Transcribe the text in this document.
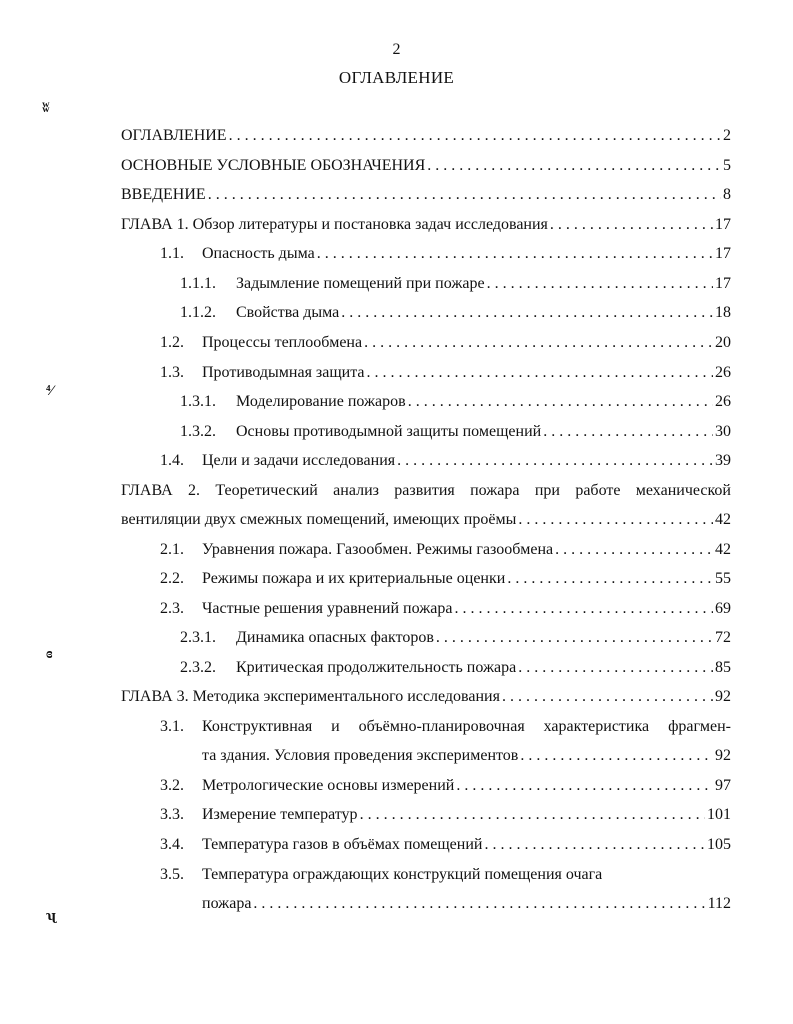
2
ОГЛАВЛЕНИЕ
ʬ
⁴⁄
ɞ
ʯ
ОГЛАВЛЕНИЕ . . .	2
ОСНОВНЫЕ УСЛОВНЫЕ ОБОЗНАЧЕНИЯ . . .	5
ВВЕДЕНИЕ . . .	8
ГЛАВА 1. Обзор литературы и постановка задач исследования . . .	17
1.1.	Опасность дыма . . .	17
1.1.1.	Задымление помещений при пожаре . . .	17
1.1.2.	Свойства дыма . . .	18
1.2.	Процессы теплообмена . . .	20
1.3.	Противодымная защита . . .	26
1.3.1.	Моделирование пожаров . . .	26
1.3.2.	Основы противодымной защиты помещений . . .	30
1.4.	Цели и задачи исследования . . .	39
ГЛАВА 2. Теоретический анализ развития пожара при работе механической
вентиляции двух смежных помещений, имеющих проёмы . . .	42
2.1.	Уравнения пожара. Газообмен. Режимы газообмена . . .	42
2.2.	Режимы пожара и их критериальные оценки . . .	55
2.3.	Частные решения уравнений пожара . . .	69
2.3.1.	Динамика опасных факторов . . .	72
2.3.2.	Критическая продолжительность пожара . . .	85
ГЛАВА 3. Методика экспериментального исследования . . .	92
3.1.	Конструктивная и объёмно-планировочная характеристика фрагмен-
та здания. Условия проведения экспериментов . . .	92
3.2.	Метрологические основы измерений . . .	97
3.3.	Измерение температур . . .	101
3.4.	Температура газов в объёмах помещений . . .	105
3.5.	Температура ограждающих конструкций помещения очага
пожара . . .	112
